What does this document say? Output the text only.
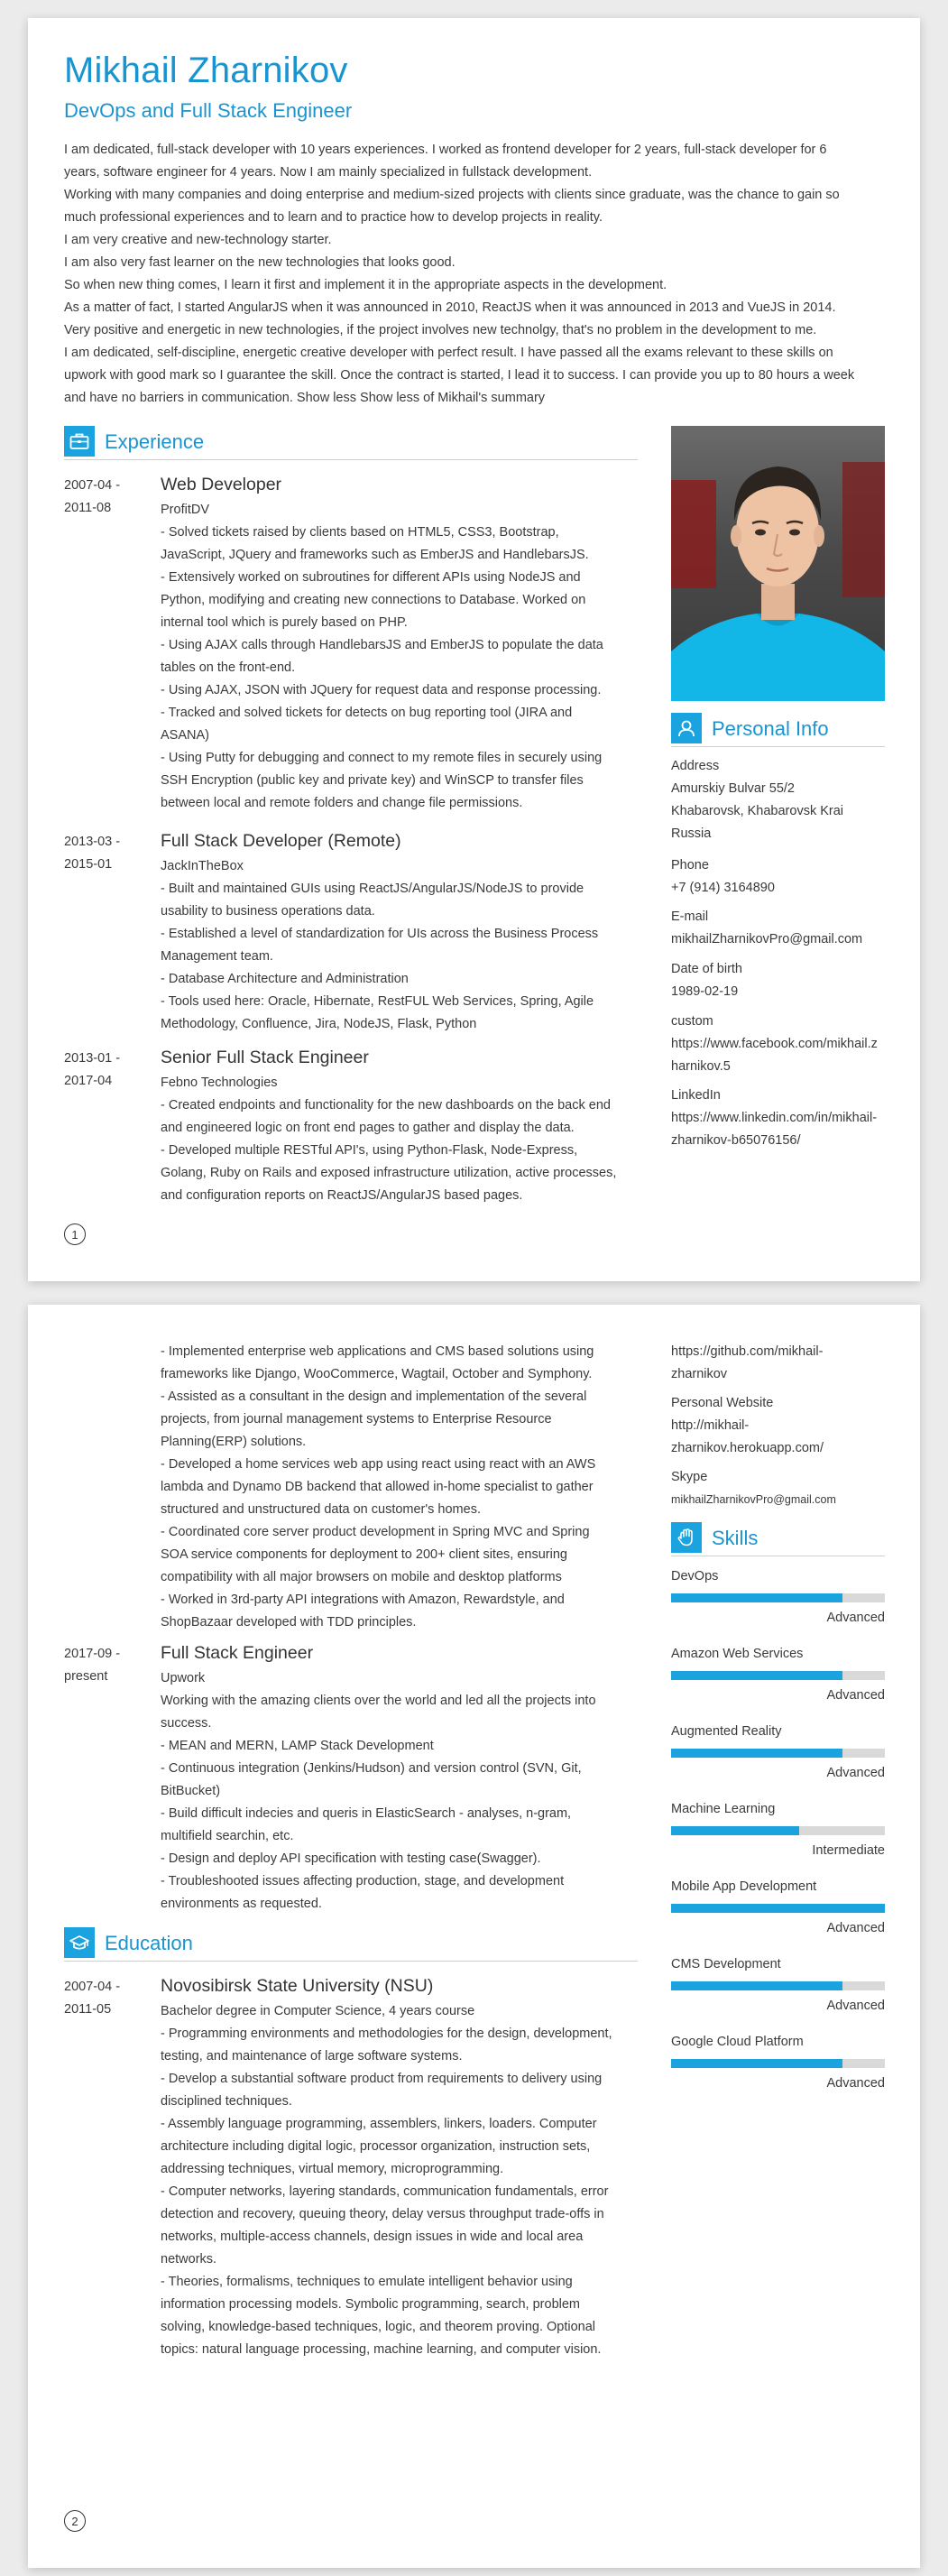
Mikhail Zharnikov
DevOps and Full Stack Engineer

I am dedicated, full-stack developer with 10 years experiences. I worked as frontend developer for 2 years, full-stack developer for 6

years, software engineer for 4 years. Now I am mainly specialized in fullstack development.

Working with many companies and doing enterprise and medium-sized projects with clients since graduate, was the chance to gain so

much professional experiences and to learn and to practice how to develop projects in reality.

I am very creative and new-technology starter.

I am also very fast learner on the new technologies that looks good.

So when new thing comes, I learn it first and implement it in the appropriate aspects in the development.

As a matter of fact, I started AngularJS when it was announced in 2010, ReactJS when it was announced in 2013 and VueJS in 2014.

Very positive and energetic in new technologies, if the project involves new technolgy, that's no problem in the development to me.

I am dedicated, self-discipline, energetic creative developer with perfect result. I have passed all the exams relevant to these skills on

upwork with good mark so I guarantee the skill. Once the contract is started, I lead it to success. I can provide you up to 80 hours a week

and have no barriers in communication. Show less Show less of Mikhail's summary

Experience
2007-04 -
2011-08
Web Developer
ProfitDV
- Solved tickets raised by clients based on HTML5, CSS3, Bootstrap,
JavaScript, JQuery and frameworks such as EmberJS and HandlebarsJS.
- Extensively worked on subroutines for different APIs using NodeJS and
Python, modifying and creating new connections to Database. Worked on
internal tool which is purely based on PHP.
- Using AJAX calls through HandlebarsJS and EmberJS to populate the data
tables on the front-end.
- Using AJAX, JSON with JQuery for request data and response processing.
- Tracked and solved tickets for detects on bug reporting tool (JIRA and
ASANA)
- Using Putty for debugging and connect to my remote files in securely using
SSH Encryption (public key and private key) and WinSCP to transfer files
between local and remote folders and change file permissions.
2013-03 -
2015-01
Full Stack Developer (Remote)
JackInTheBox
- Built and maintained GUIs using ReactJS/AngularJS/NodeJS to provide
usability to business operations data.
- Established a level of standardization for UIs across the Business Process
Management team.
- Database Architecture and Administration
- Tools used here: Oracle, Hibernate, RestFUL Web Services, Spring, Agile
Methodology, Confluence, Jira, NodeJS, Flask, Python
2013-01 -
2017-04
Senior Full Stack Engineer
Febno Technologies
- Created endpoints and functionality for the new dashboards on the back end
and engineered logic on front end pages to gather and display the data.
- Developed multiple RESTful API's, using Python-Flask, Node-Express,
Golang, Ruby on Rails and exposed infrastructure utilization, active processes,
and configuration reports on ReactJS/AngularJS based pages.
Personal Info
Address
Amurskiy Bulvar 55/2
Khabarovsk, Khabarovsk Krai
Russia
Phone
+7 (914) 3164890
E-mail
mikhailZharnikovPro@gmail.com
Date of birth
1989-02-19
custom
https://www.facebook.com/mikhail.z
harnikov.5
LinkedIn
https://www.linkedin.com/in/mikhail-
zharnikov-b65076156/
1
- Implemented enterprise web applications and CMS based solutions using
frameworks like Django, WooCommerce, Wagtail, October and Symphony.
- Assisted as a consultant in the design and implementation of the several
projects, from journal management systems to Enterprise Resource
Planning(ERP) solutions.
- Developed a home services web app using react using react with an AWS
lambda and Dynamo DB backend that allowed in-home specialist to gather
structured and unstructured data on customer's homes.
- Coordinated core server product development in Spring MVC and Spring
SOA service components for deployment to 200+ client sites, ensuring
compatibility with all major browsers on mobile and desktop platforms
- Worked in 3rd-party API integrations with Amazon, Rewardstyle, and
ShopBazaar developed with TDD principles.
2017-09 -
present
Full Stack Engineer
Upwork
Working with the amazing clients over the world and led all the projects into
success.
- MEAN and MERN, LAMP Stack Development
- Continuous integration (Jenkins/Hudson) and version control (SVN, Git,
BitBucket)
- Build difficult indecies and queris in ElasticSearch - analyses, n-gram,
multifield searchin, etc.
- Design and deploy API specification with testing case(Swagger).
- Troubleshooted issues affecting production, stage, and development
environments as requested.
Education
2007-04 -
2011-05
Novosibirsk State University (NSU)
Bachelor degree in Computer Science, 4 years course
- Programming environments and methodologies for the design, development,
testing, and maintenance of large software systems.
- Develop a substantial software product from requirements to delivery using
disciplined techniques.
- Assembly language programming, assemblers, linkers, loaders. Computer
architecture including digital logic, processor organization, instruction sets,
addressing techniques, virtual memory, microprogramming.
- Computer networks, layering standards, communication fundamentals, error
detection and recovery, queuing theory, delay versus throughput trade-offs in
networks, multiple-access channels, design issues in wide and local area
networks.
- Theories, formalisms, techniques to emulate intelligent behavior using
information processing models. Symbolic programming, search, problem
solving, knowledge-based techniques, logic, and theorem proving. Optional
topics: natural language processing, machine learning, and computer vision.
https://github.com/mikhail-
zharnikov
Personal Website
http://mikhail-
zharnikov.herokuapp.com/
Skype
mikhailZharnikovPro@gmail.com
Skills
DevOps
Advanced
Amazon Web Services
Advanced
Augmented Reality
Advanced
Machine Learning
Intermediate
Mobile App Development
Advanced
CMS Development
Advanced
Google Cloud Platform
Advanced
2
